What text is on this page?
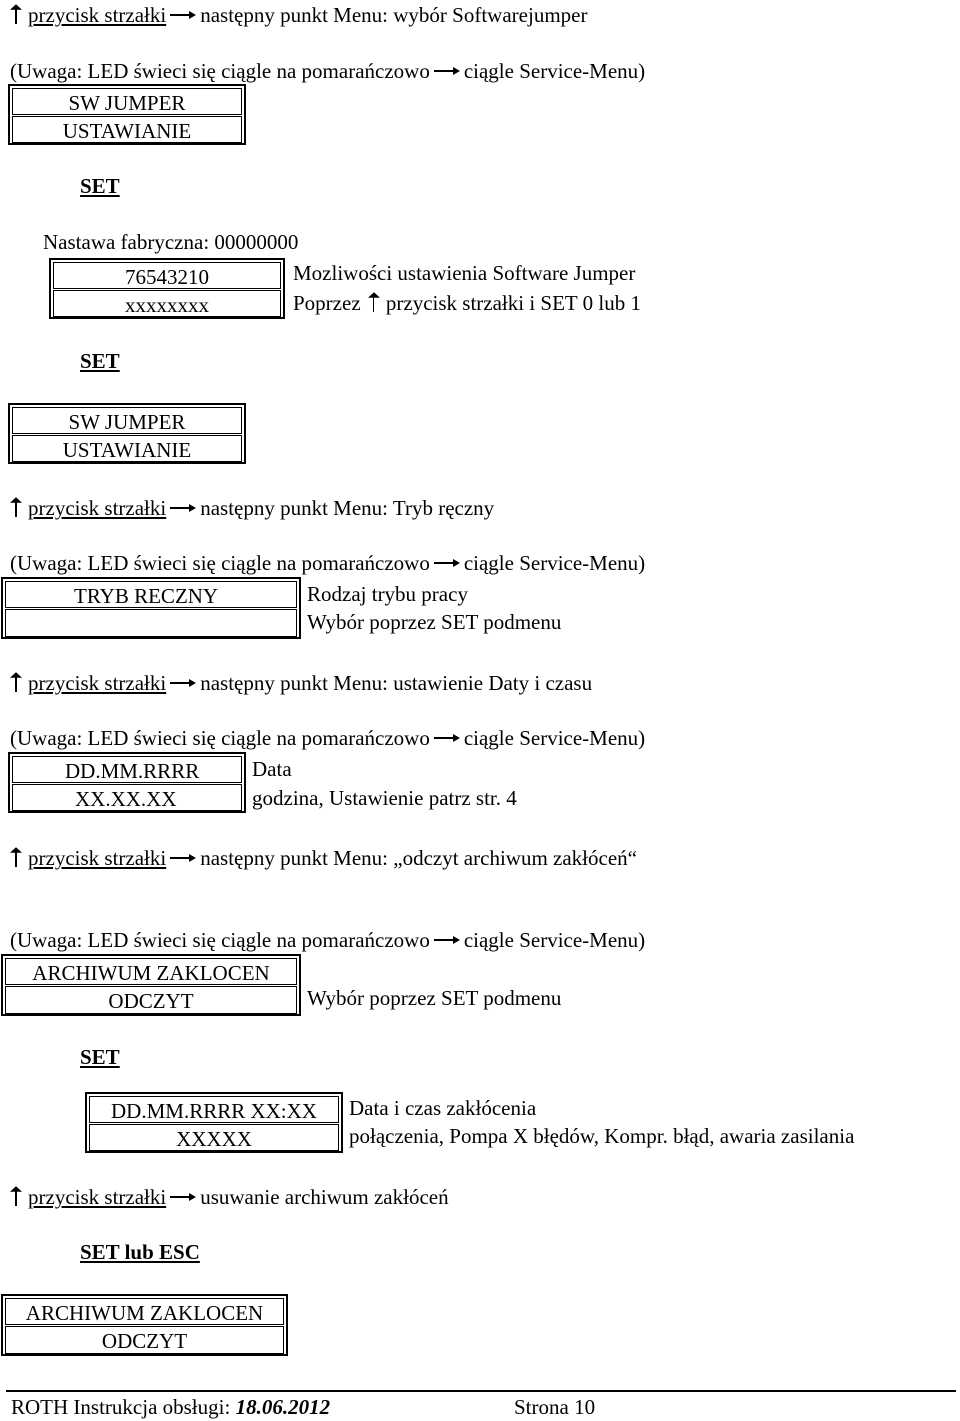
przycisk strzałki następny punkt Menu: wybór Softwarejumper
(Uwaga: LED świeci się ciągle na pomarańczowo ciągle Service-Menu)
SW JUMPER
USTAWIANIE
SET
Nastawa fabryczna: 00000000
76543210
xxxxxxxx
Mozliwości ustawienia Software Jumper
Poprzez przycisk strzałki i SET 0 lub 1
SET
SW JUMPER
USTAWIANIE
przycisk strzałki następny punkt Menu: Tryb ręczny
(Uwaga: LED świeci się ciągle na pomarańczowo ciągle Service-Menu)
TRYB RECZNY	Rodzaj trybu pracy
Wybór poprzez SET podmenu
przycisk strzałki następny punkt Menu: ustawienie Daty i czasu
(Uwaga: LED świeci się ciągle na pomarańczowo ciągle Service-Menu)
DD.MM.RRRR
XX.XX.XX
Data
godzina, Ustawienie patrz str. 4
przycisk strzałki następny punkt Menu: „odczyt archiwum zakłóceń“
(Uwaga: LED świeci się ciągle na pomarańczowo ciągle Service-Menu)
ARCHIWUM ZAKLOCEN
ODCZYT	Wybór poprzez SET podmenu
SET
DD.MM.RRRR XX:XX
XXXXX
Data i czas zakłócenia
połączenia, Pompa X błędów, Kompr. błąd, awaria zasilania
przycisk strzałki usuwanie archiwum zakłóceń
SET lub ESC
ARCHIWUM ZAKLOCEN
ODCZYT
ROTH Instrukcja obsługi: 18.06.2012	Strona 10
